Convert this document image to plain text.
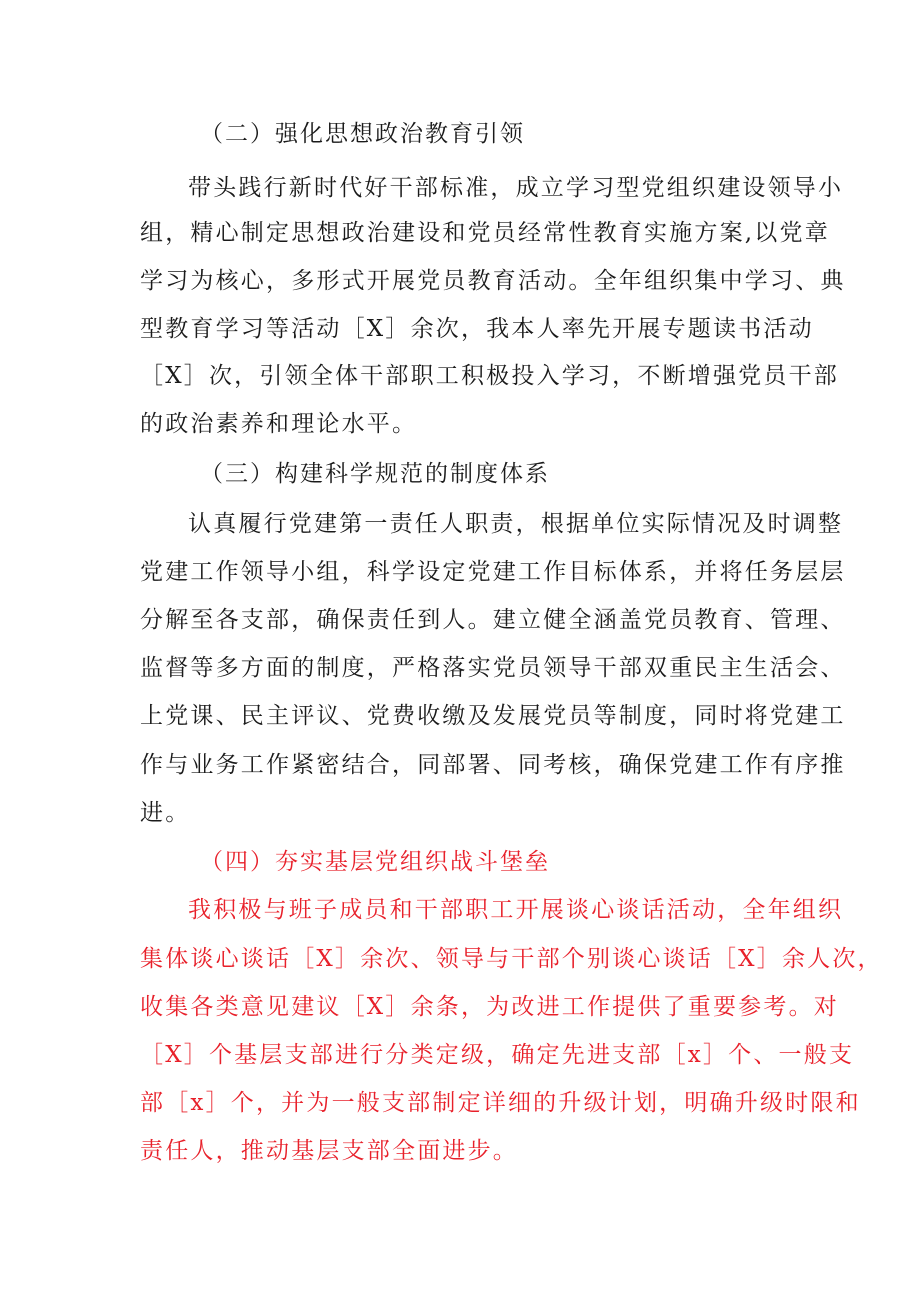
（二）强化思想政治教育引领

带头践行新时代好干部标准，成立学习型党组织建设领导小

组，精心制定思想政治建设和党员经常性教育实施方案,以党章

学习为核心，多形式开展党员教育活动。全年组织集中学习、典

型教育学习等活动［X］余次，我本人率先开展专题读书活动

［X］次，引领全体干部职工积极投入学习，不断增强党员干部

的政治素养和理论水平。

（三）构建科学规范的制度体系

认真履行党建第一责任人职责，根据单位实际情况及时调整

党建工作领导小组，科学设定党建工作目标体系，并将任务层层

分解至各支部，确保责任到人。建立健全涵盖党员教育、管理、

监督等多方面的制度，严格落实党员领导干部双重民主生活会、

上党课、民主评议、党费收缴及发展党员等制度，同时将党建工

作与业务工作紧密结合，同部署、同考核，确保党建工作有序推

进。

（四）夯实基层党组织战斗堡垒

我积极与班子成员和干部职工开展谈心谈话活动，全年组织

集体谈心谈话［X］余次、领导与干部个别谈心谈话［X］余人次，

收集各类意见建议［X］余条，为改进工作提供了重要参考。对

［X］个基层支部进行分类定级，确定先进支部［x］个、一般支

部［x］个，并为一般支部制定详细的升级计划，明确升级时限和

责任人，推动基层支部全面进步。
